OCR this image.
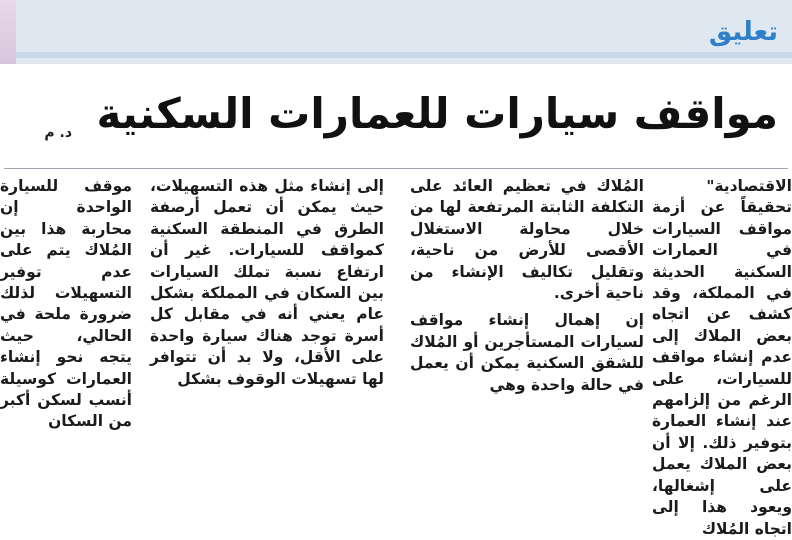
تعليق
مواقف سيارات للعمارات السكنية
د. م

الاقتصادية" تحقيقاً عن أزمة مواقف السيارات في العمارات السكنية الحديثة في المملكة، وقد كشف عن اتجاه بعض الملاك إلى عدم إنشاء مواقف للسيارات، على الرغم من إلزامهم عند إنشاء العمارة بتوفير ذلك. إلا أن بعض الملاك يعمل على إشغالها، ويعود هذا إلى اتجاه المُلاك

المُلاك في تعظيم العائد على التكلفة الثابتة المرتفعة لها من خلال محاولة الاستغلال الأقصى للأرض من ناحية، وتقليل تكاليف الإنشاء من ناحية أخرى.

إن إهمال إنشاء مواقف لسيارات المستأجرين أو المُلاك للشقق السكنية يمكن أن يعمل في حالة واحدة وهي

إلى إنشاء مثل هذه التسهيلات، حيث يمكن أن تعمل أرصفة الطرق في المنطقة السكنية كمواقف للسيارات. غير أن ارتفاع نسبة تملك السيارات بين السكان في المملكة بشكل عام يعني أنه في مقابل كل أسرة توجد هناك سيارة واحدة على الأقل، ولا بد أن تتوافر لها تسهيلات الوقوف بشكل

موقف للسيارة الواحدة إن محاربة هذا بين المُلاك يتم على عدم توفير التسهيلات لذلك ضرورة ملحة في الحالي، حيث يتجه نحو إنشاء العمارات كوسيلة أنسب لسكن أكبر من السكان
